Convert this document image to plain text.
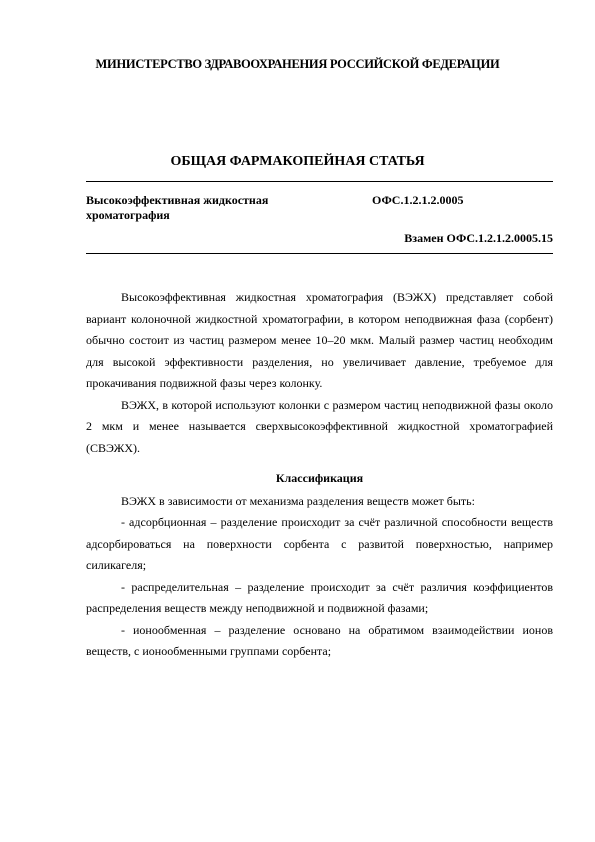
МИНИСТЕРСТВО ЗДРАВООХРАНЕНИЯ РОССИЙСКОЙ ФЕДЕРАЦИИ
ОБЩАЯ ФАРМАКОПЕЙНАЯ СТАТЬЯ
Высокоэффективная жидкостная хроматография
ОФС.1.2.1.2.0005
Взамен ОФС.1.2.1.2.0005.15

Высокоэффективная жидкостная хроматография (ВЭЖХ) представляет собой вариант колоночной жидкостной хроматографии, в котором неподвижная фаза (сорбент) обычно состоит из частиц размером менее 10–20 мкм. Малый размер частиц необходим для высокой эффективности разделения, но увеличивает давление, требуемое для прокачивания подвижной фазы через колонку.

ВЭЖХ, в которой используют колонки с размером частиц неподвижной фазы около 2 мкм и менее называется сверхвысокоэффективной жидкостной хроматографией (СВЭЖХ).

Классификация

ВЭЖХ в зависимости от механизма разделения веществ может быть:

- адсорбционная – разделение происходит за счёт различной способности веществ адсорбироваться на поверхности сорбента с развитой поверхностью, например силикагеля;

- распределительная – разделение происходит за счёт различия коэффициентов распределения веществ между неподвижной и подвижной фазами;

- ионообменная – разделение основано на обратимом взаимодействии ионов веществ, с ионообменными группами сорбента;
